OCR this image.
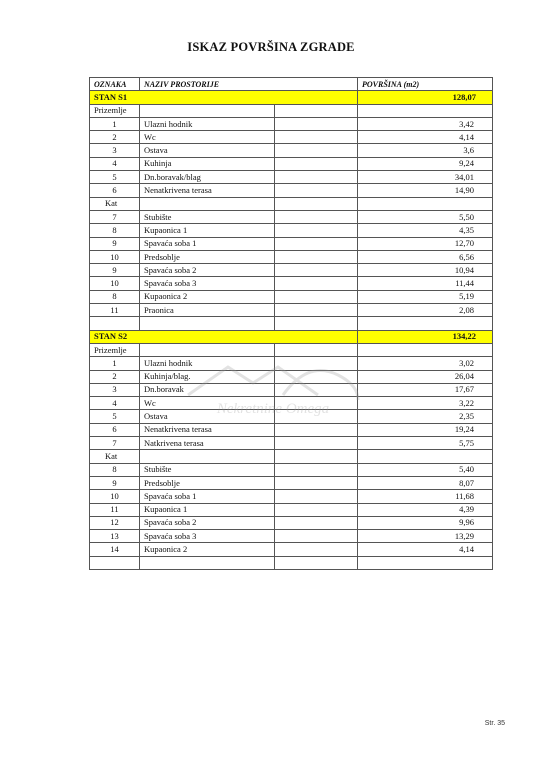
ISKAZ POVRŠINA ZGRADE
OZNAKA	NAZIV PROSTORIJE		POVRŠINA (m2)
STAN S1			128,07
Prizemlje			
1	Ulazni hodnik		3,42
2	Wc		4,14
3	Ostava		3,6
4	Kuhinja		9,24
5	Dn.boravak/blag		34,01
6	Nenatkrivena terasa		14,90
Kat			
7	Stubište		5,50
8	Kupaonica 1		4,35
9	Spavaća soba 1		12,70
10	Predsoblje		6,56
9	Spavaća soba 2		10,94
10	Spavaća soba 3		11,44
8	Kupaonica 2		5,19
11	Praonica		2,08

STAN S2			134,22
Prizemlje			
1	Ulazni hodnik		3,02
2	Kuhinja/blag.		26,04
3	Dn.boravak		17,67
4	Wc		3,22
5	Ostava		2,35
6	Nenatkrivena terasa		19,24
7	Natkrivena terasa		5,75
Kat			
8	Stubište		5,40
9	Predsoblje		8,07
10	Spavaća soba 1		11,68
11	Kupaonica 1		4,39
12	Spavaća soba 2		9,96
13	Spavaća soba 3		13,29
14	Kupaonica 2		4,14

Nekretnine Omega
Str. 35
